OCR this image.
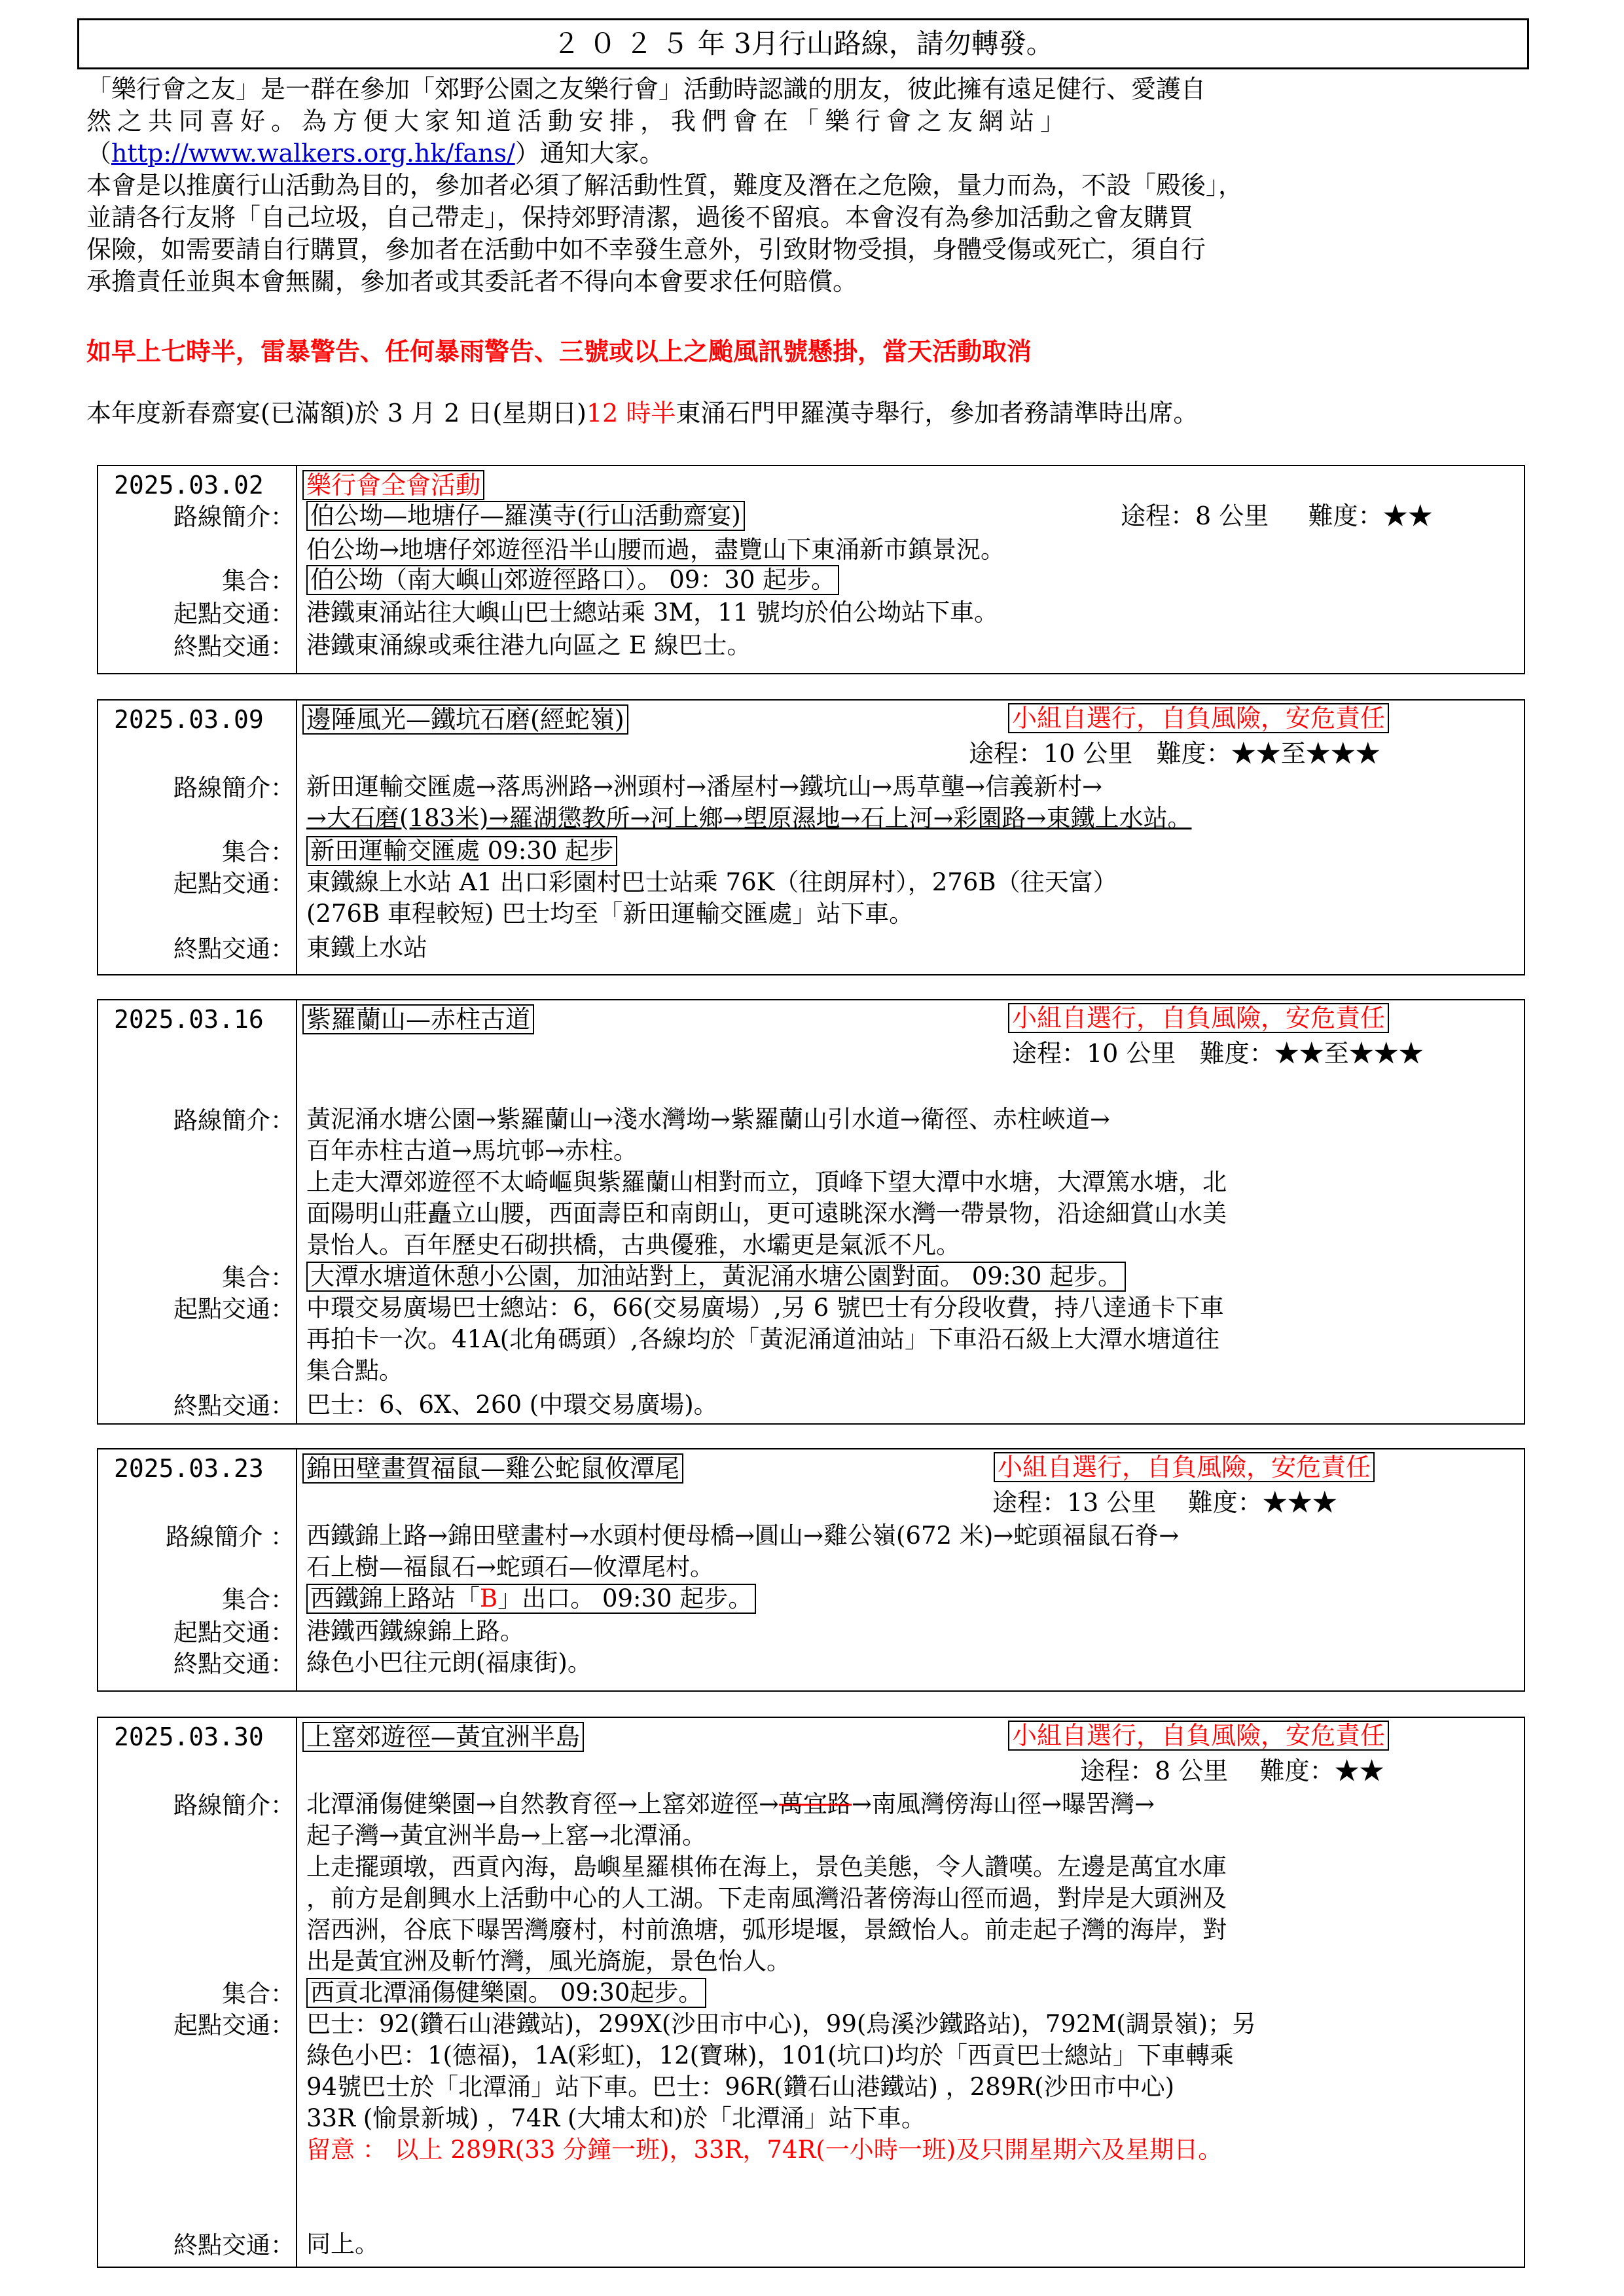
２ ０ ２ ５ 年 3月行山路線，請勿轉發。

「樂行會之友」是一群在參加「郊野公園之友樂行會」活動時認識的朋友，彼此擁有遠足健行、愛護自

然之共同喜好。為方便大家知道活動安排，我們會在「樂行會之友網站」

（http://www.walkers.org.hk/fans/）通知大家。

本會是以推廣行山活動為目的，參加者必須了解活動性質，難度及潛在之危險，量力而為，不設「殿後」，

並請各行友將「自己垃圾，自己帶走」，保持郊野清潔，過後不留痕。本會沒有為參加活動之會友購買

保險，如需要請自行購買，參加者在活動中如不幸發生意外，引致財物受損，身體受傷或死亡，須自行

承擔責任並與本會無關，參加者或其委託者不得向本會要求任何賠償。

如早上七時半，雷暴警告、任何暴雨警告、三號或以上之颱風訊號懸掛，當天活動取消
本年度新春齋宴(已滿額)於 3 月 2 日(星期日)12 時半東涌石門甲羅漢寺舉行，參加者務請準時出席。
2025.03.02 樂行會全會活動
路線簡介： 伯公坳—地塘仔—羅漢寺(行山活動齋宴)	途程：8 公里 難度：★★
伯公坳→地塘仔郊遊徑沿半山腰而過，盡覽山下東涌新市鎮景況。
集合： 伯公坳（南大嶼山郊遊徑路口）。 09：30 起步。
起點交通： 港鐵東涌站往大嶼山巴士總站乘 3M，11 號均於伯公坳站下車。
終點交通： 港鐵東涌線或乘往港九向區之 E 線巴士。
2025.03.09 邊陲風光—鐵坑石磨(經蛇嶺)	小組自選行，自負風險，安危責任
途程：10 公里 難度：★★至★★★
路線簡介： 新田運輸交匯處→落馬洲路→洲頭村→潘屋村→鐵坑山→馬草壟→信義新村→
→大石磨(183米)→羅湖懲教所→河上鄉→塱原濕地→石上河→彩園路→東鐵上水站。
集合： 新田運輸交匯處 09:30 起步
起點交通： 東鐵線上水站 A1 出口彩園村巴士站乘 76K（往朗屏村），276B（往天富）
(276B 車程較短) 巴士均至「新田運輸交匯處」站下車。
終點交通： 東鐵上水站
2025.03.16 紫羅蘭山—赤柱古道	小組自選行，自負風險，安危責任
途程：10 公里 難度：★★至★★★
路線簡介： 黃泥涌水塘公園→紫羅蘭山→淺水灣坳→紫羅蘭山引水道→衛徑、赤柱峽道→
百年赤柱古道→馬坑邨→赤柱。
上走大潭郊遊徑不太崎嶇與紫羅蘭山相對而立，頂峰下望大潭中水塘，大潭篤水塘，北
面陽明山莊矗立山腰，西面壽臣和南朗山，更可遠眺深水灣一帶景物，沿途細賞山水美
景怡人。百年歷史石砌拱橋，古典優雅，水壩更是氣派不凡。
集合： 大潭水塘道休憩小公園，加油站對上，黃泥涌水塘公園對面。 09:30 起步。
起點交通： 中環交易廣場巴士總站：6，66(交易廣場）,另 6 號巴士有分段收費，持八達通卡下車
再拍卡一次。41A(北角碼頭）,各線均於「黃泥涌道油站」下車沿石級上大潭水塘道往
集合點。
終點交通： 巴士：6、6X、260 (中環交易廣場)。
2025.03.23 錦田壁畫賀福鼠—雞公蛇鼠攸潭尾	小組自選行，自負風險，安危責任
途程：13 公里 難度：★★★
路線簡介 ： 西鐵錦上路→錦田壁畫村→水頭村便母橋→圓山→雞公嶺(672 米)→蛇頭福鼠石脊→
石上樹—福鼠石→蛇頭石—攸潭尾村。
集合： 西鐵錦上路站「B」出口。 09:30 起步。
起點交通： 港鐵西鐵線錦上路。
終點交通： 綠色小巴往元朗(福康街)。
2025.03.30 上窰郊遊徑—黃宜洲半島	小組自選行，自負風險，安危責任
途程：8 公里 難度：★★
路線簡介： 北潭涌傷健樂園→自然教育徑→上窰郊遊徑→萬宜路→南風灣傍海山徑→曝罟灣→
起子灣→黃宜洲半島→上窰→北潭涌。
上走擺頭墩，西貢內海，島嶼星羅棋佈在海上，景色美態，令人讚嘆。左邊是萬宜水庫
，前方是創興水上活動中心的人工湖。下走南風灣沿著傍海山徑而過，對岸是大頭洲及
滘西洲，谷底下曝罟灣廢村，村前漁塘，弧形堤堰，景緻怡人。前走起子灣的海岸，對
出是黃宜洲及斬竹灣，風光旖旎，景色怡人。
集合： 西貢北潭涌傷健樂園。 09:30起步。
起點交通： 巴士：92(鑽石山港鐵站)，299X(沙田市中心)，99(烏溪沙鐵路站)，792M(調景嶺)；另
綠色小巴：1(德福)，1A(彩虹)，12(寶琳)，101(坑口)均於「西貢巴士總站」下車轉乘
94號巴士於「北潭涌」站下車。巴士：96R(鑽石山港鐵站) ，289R(沙田市中心)
33R (愉景新城) ，74R (大埔太和)於「北潭涌」站下車。
留意 ： 以上 289R(33 分鐘一班)，33R，74R(一小時一班)及只開星期六及星期日。
終點交通： 同上。
